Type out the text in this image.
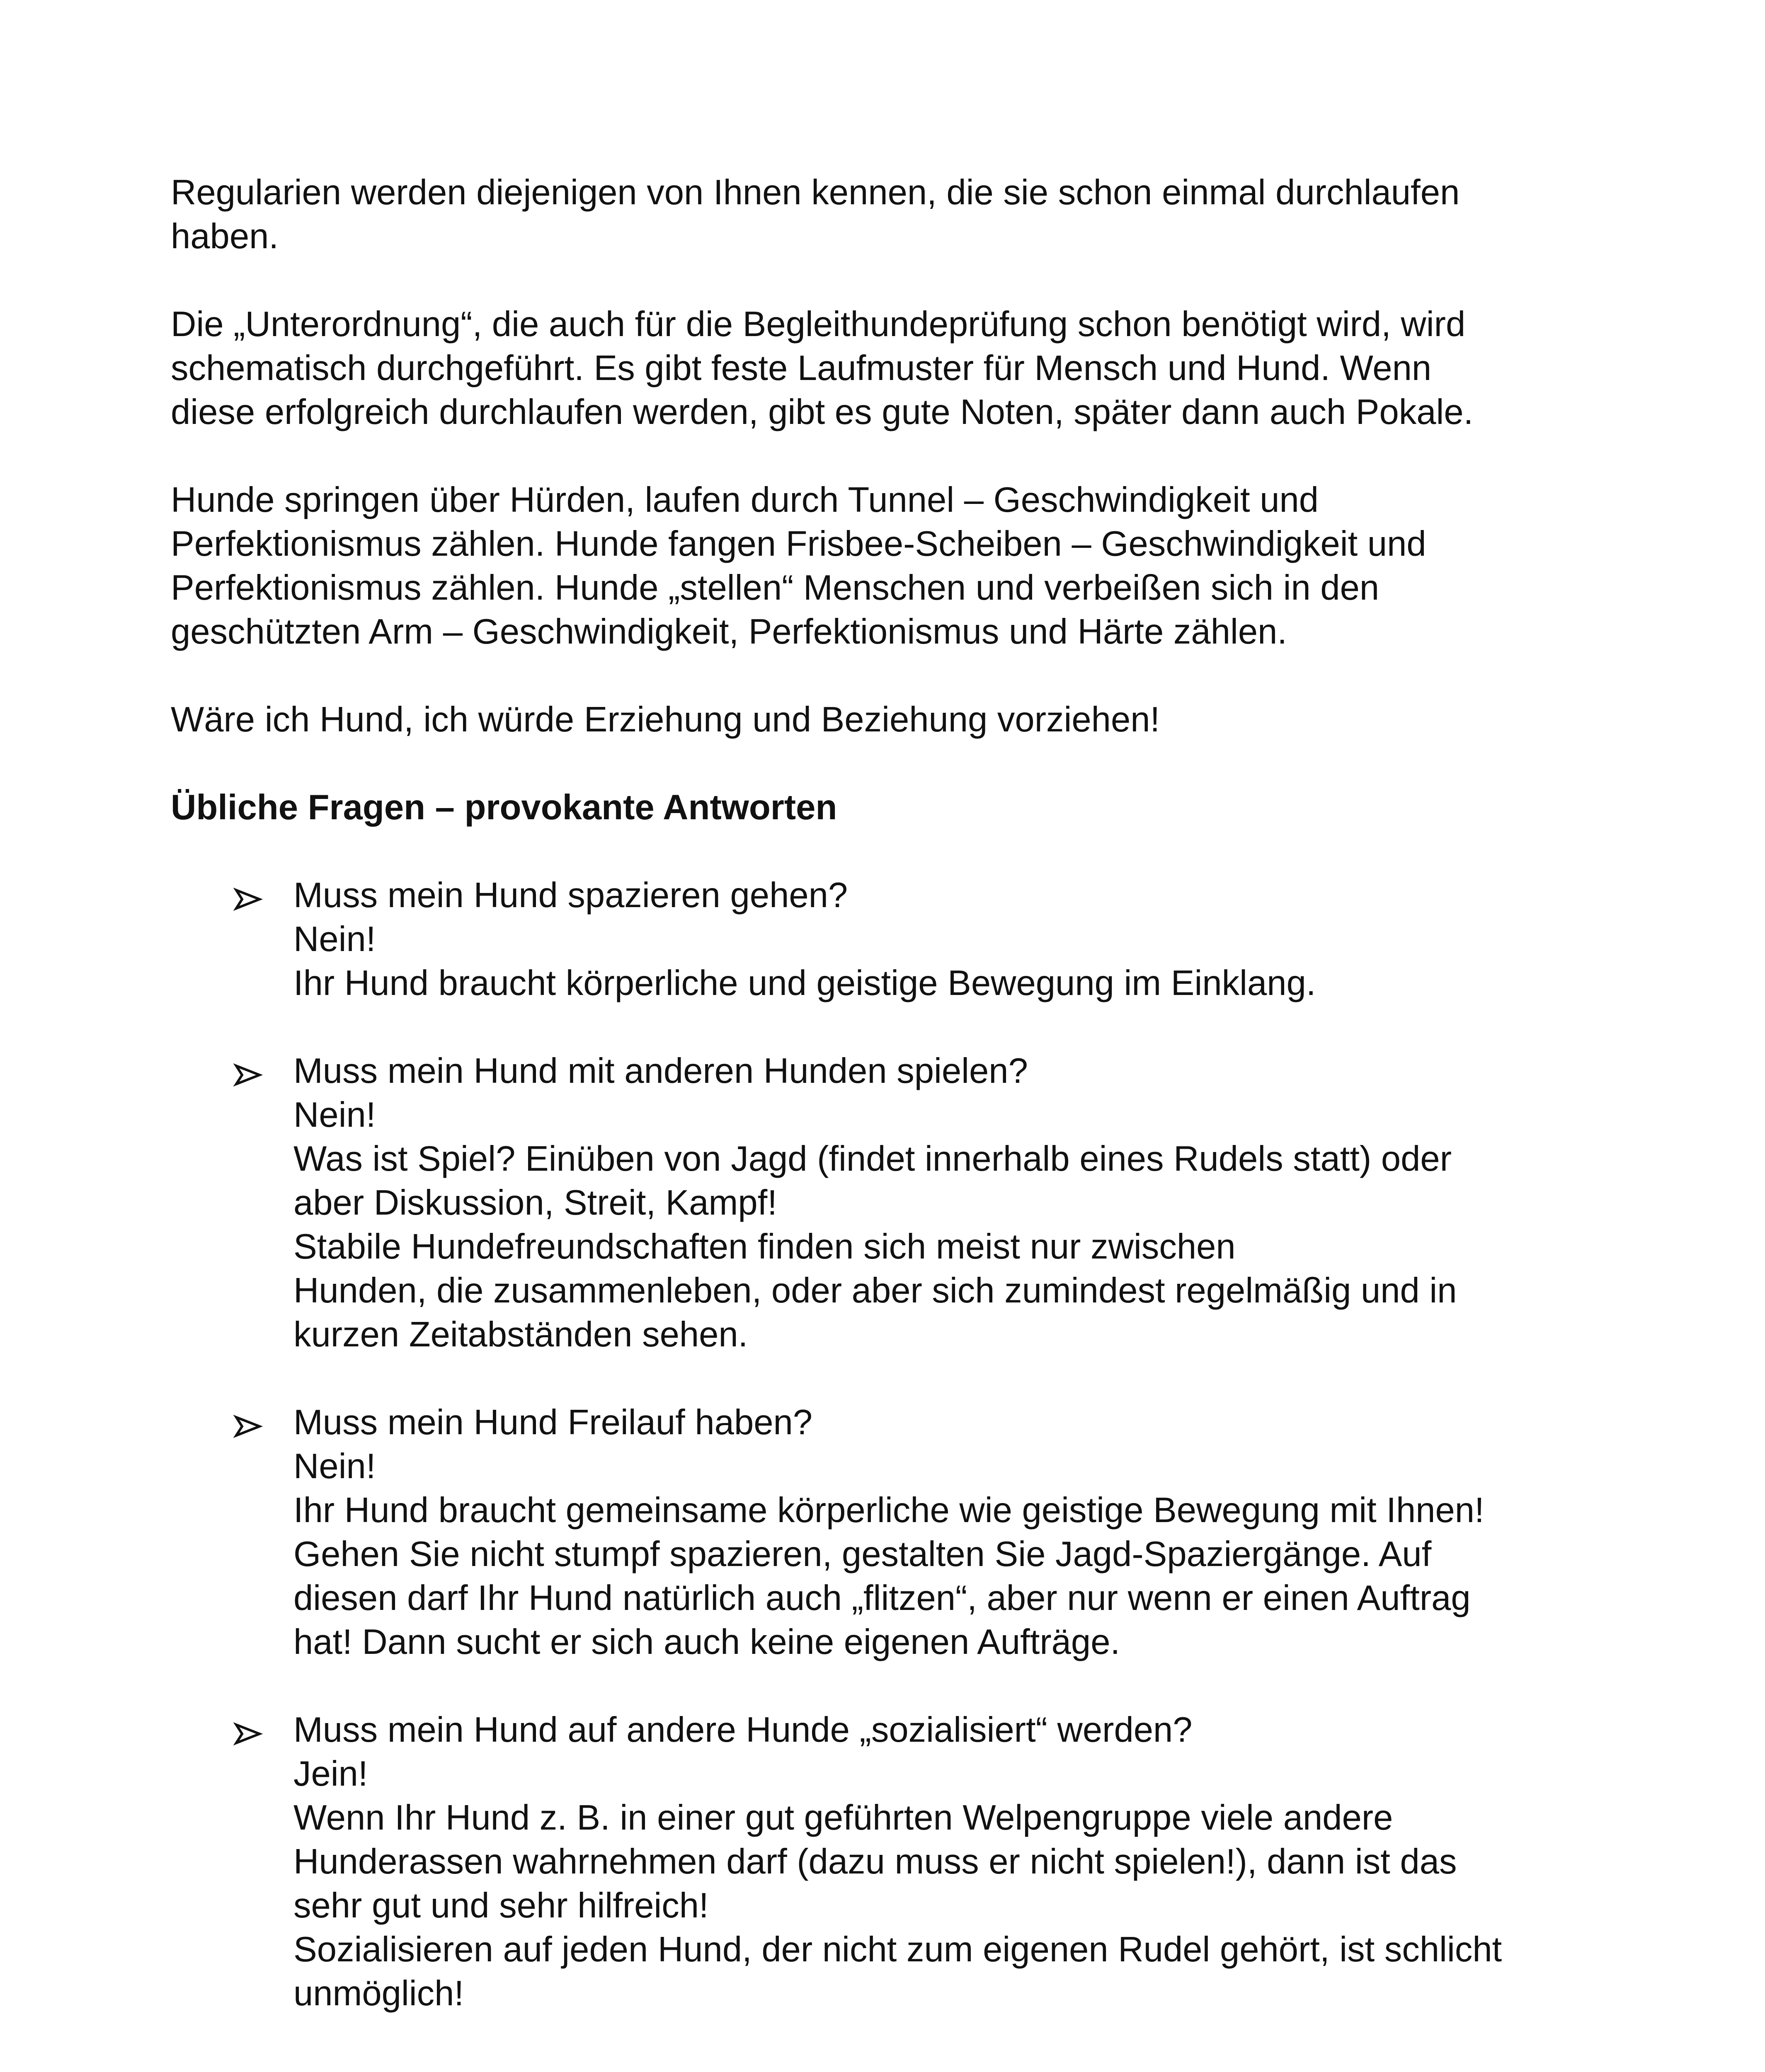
Regularien werden diejenigen von Ihnen kennen, die sie schon einmal durchlaufen
haben.
Die „Unterordnung“, die auch für die Begleithundeprüfung schon benötigt wird, wird
schematisch durchgeführt. Es gibt feste Laufmuster für Mensch und Hund. Wenn
diese erfolgreich durchlaufen werden, gibt es gute Noten, später dann auch Pokale.
Hunde springen über Hürden, laufen durch Tunnel – Geschwindigkeit und
Perfektionismus zählen. Hunde fangen Frisbee-Scheiben – Geschwindigkeit und
Perfektionismus zählen. Hunde „stellen“ Menschen und verbeißen sich in den
geschützten Arm – Geschwindigkeit, Perfektionismus und Härte zählen.
Wäre ich Hund, ich würde Erziehung und Beziehung vorziehen!
Übliche Fragen – provokante Antworten
Muss mein Hund spazieren gehen?
Nein!
Ihr Hund braucht körperliche und geistige Bewegung im Einklang.
Muss mein Hund mit anderen Hunden spielen?
Nein!
Was ist Spiel? Einüben von Jagd (findet innerhalb eines Rudels statt) oder
aber Diskussion, Streit, Kampf!
Stabile Hundefreundschaften finden sich meist nur zwischen
Hunden, die zusammenleben, oder aber sich zumindest regelmäßig und in
kurzen Zeitabständen sehen.
Muss mein Hund Freilauf haben?
Nein!
Ihr Hund braucht gemeinsame körperliche wie geistige Bewegung mit Ihnen!
Gehen Sie nicht stumpf spazieren, gestalten Sie Jagd-Spaziergänge. Auf
diesen darf Ihr Hund natürlich auch „flitzen“, aber nur wenn er einen Auftrag
hat! Dann sucht er sich auch keine eigenen Aufträge.
Muss mein Hund auf andere Hunde „sozialisiert“ werden?
Jein!
Wenn Ihr Hund z. B. in einer gut geführten Welpengruppe viele andere
Hunderassen wahrnehmen darf (dazu muss er nicht spielen!), dann ist das
sehr gut und sehr hilfreich!
Sozialisieren auf jeden Hund, der nicht zum eigenen Rudel gehört, ist schlicht
unmöglich!
